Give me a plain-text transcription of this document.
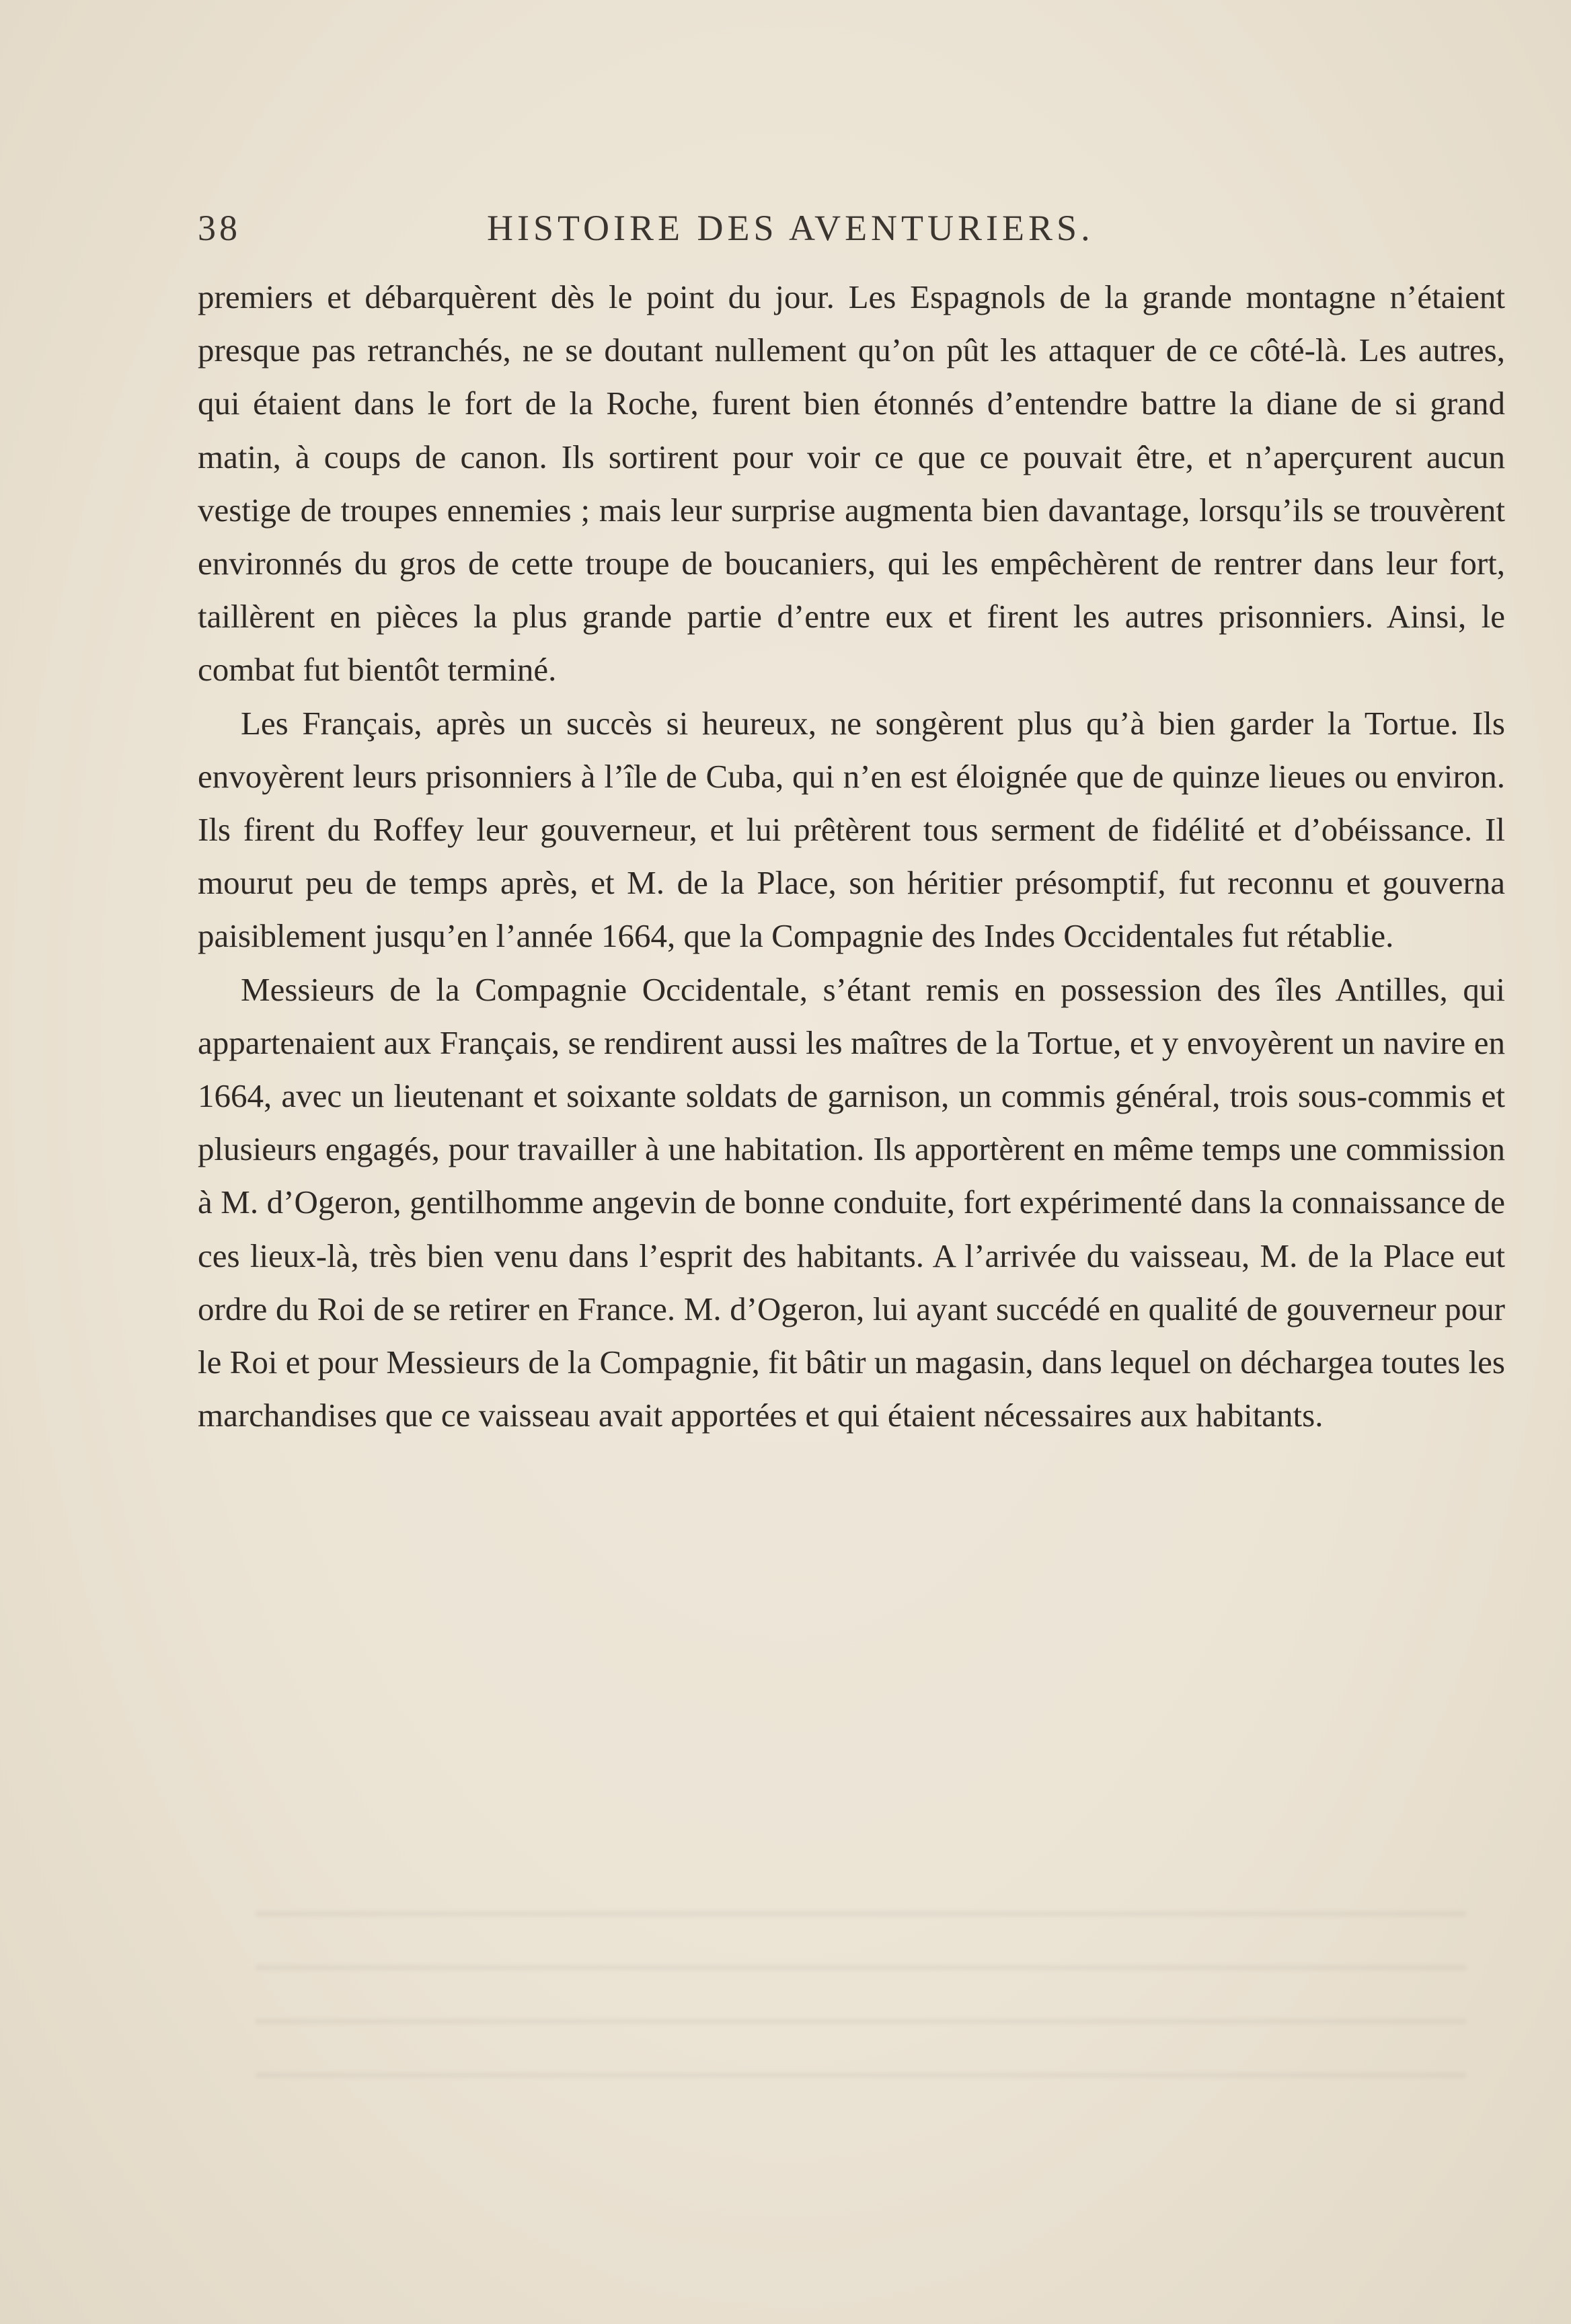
38	HISTOIRE DES AVENTURIERS.

premiers et débarquèrent dès le point du jour. Les Espagnols de la grande montagne n’étaient presque pas retranchés, ne se doutant nullement qu’on pût les attaquer de ce côté-là. Les autres, qui étaient dans le fort de la Roche, furent bien étonnés d’entendre battre la diane de si grand matin, à coups de canon. Ils sortirent pour voir ce que ce pouvait être, et n’aperçurent aucun vestige de troupes ennemies ; mais leur surprise augmenta bien davantage, lorsqu’ils se trouvèrent environnés du gros de cette troupe de boucaniers, qui les empêchèrent de rentrer dans leur fort, taillèrent en pièces la plus grande partie d’entre eux et firent les autres prisonniers. Ainsi, le combat fut bientôt terminé.

Les Français, après un succès si heureux, ne songèrent plus qu’à bien garder la Tortue. Ils envoyèrent leurs prisonniers à l’île de Cuba, qui n’en est éloignée que de quinze lieues ou environ. Ils firent du Roffey leur gouverneur, et lui prêtèrent tous serment de fidélité et d’obéissance. Il mourut peu de temps après, et M. de la Place, son héritier présomptif, fut reconnu et gouverna paisiblement jusqu’en l’année 1664, que la Compagnie des Indes Occidentales fut rétablie.

Messieurs de la Compagnie Occidentale, s’étant remis en possession des îles Antilles, qui appartenaient aux Français, se rendirent aussi les maîtres de la Tortue, et y envoyèrent un navire en 1664, avec un lieutenant et soixante soldats de garnison, un commis général, trois sous-commis et plusieurs engagés, pour travailler à une habitation. Ils apportèrent en même temps une commission à M. d’Ogeron, gentilhomme angevin de bonne conduite, fort expérimenté dans la connaissance de ces lieux-là, très bien venu dans l’esprit des habitants. A l’arrivée du vaisseau, M. de la Place eut ordre du Roi de se retirer en France. M. d’Ogeron, lui ayant succédé en qualité de gouverneur pour le Roi et pour Messieurs de la Compagnie, fit bâtir un magasin, dans lequel on déchargea toutes les marchandises que ce vaisseau avait apportées et qui étaient nécessaires aux habitants.
